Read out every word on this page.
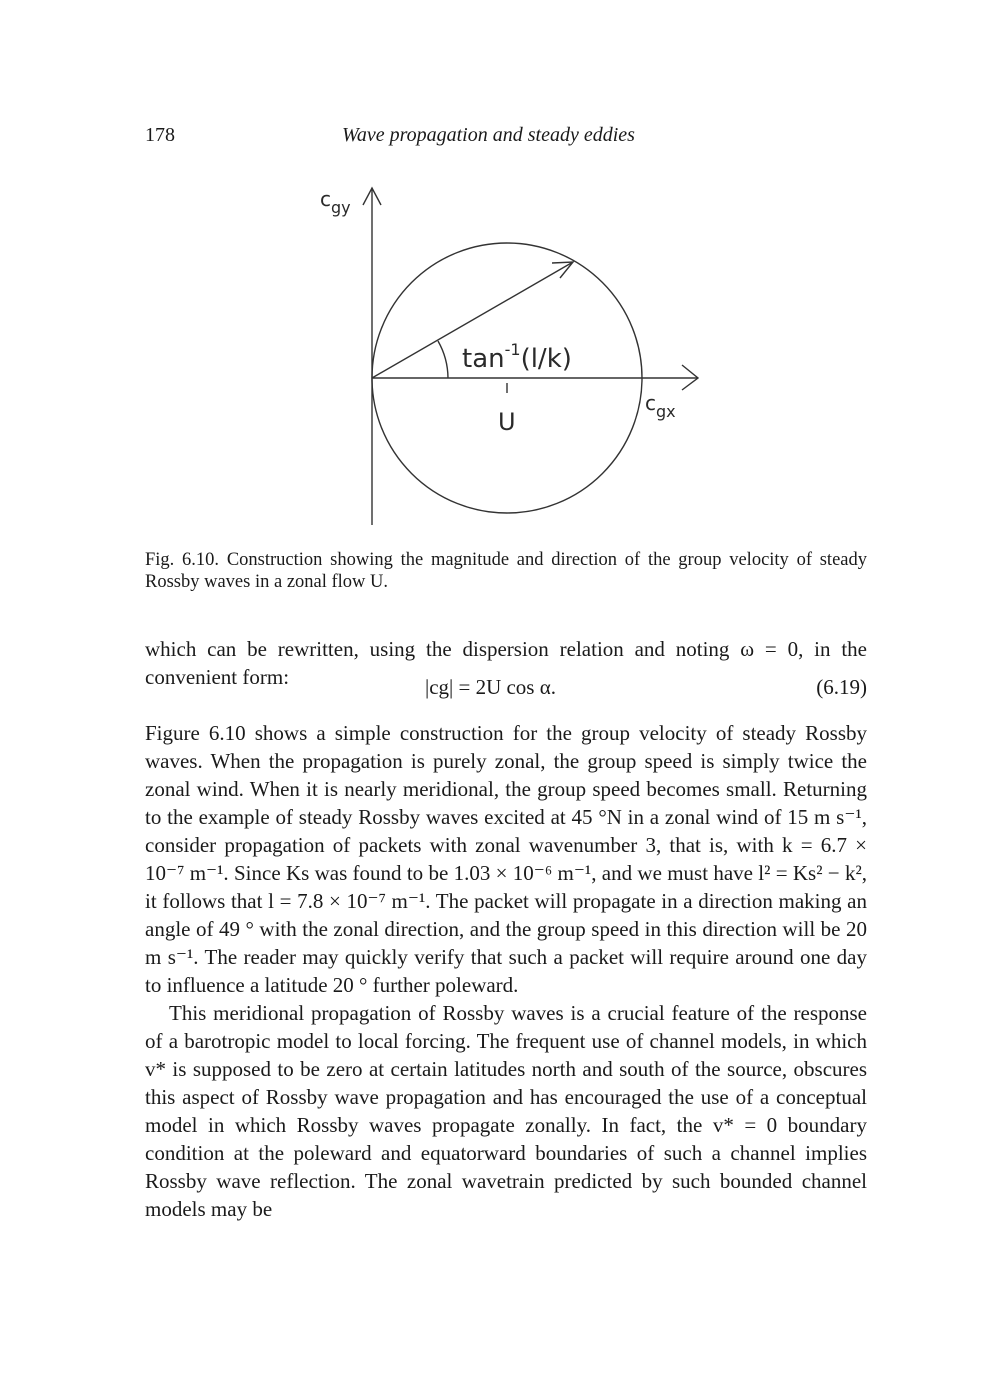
178	Wave propagation and steady eddies
$c_{gy}$
$c_{gx}$
$\tan^{-1}(l/k)$
U
Fig. 6.10. Construction showing the magnitude and direction of the group velocity of steady Rossby waves in a zonal flow U.

which can be rewritten, using the dispersion relation and noting ω = 0, in the convenient form:	|cg| = 2U cos α.	(6.19)

Figure 6.10 shows a simple construction for the group velocity of steady Rossby waves. When the propagation is purely zonal, the group speed is simply twice the zonal wind. When it is nearly meridional, the group speed becomes small. Returning to the example of steady Rossby waves excited at 45 °N in a zonal wind of 15 m s⁻¹, consider propagation of packets with zonal wavenumber 3, that is, with k = 6.7 × 10⁻⁷ m⁻¹. Since Ks was found to be 1.03 × 10⁻⁶ m⁻¹, and we must have l² = Ks² − k², it follows that l = 7.8 × 10⁻⁷ m⁻¹. The packet will propagate in a direction making an angle of 49 ° with the zonal direction, and the group speed in this direction will be 20 m s⁻¹. The reader may quickly verify that such a packet will require around one day to influence a latitude 20 ° further poleward.

This meridional propagation of Rossby waves is a crucial feature of the response of a barotropic model to local forcing. The frequent use of channel models, in which v* is supposed to be zero at certain latitudes north and south of the source, obscures this aspect of Rossby wave propagation and has encouraged the use of a conceptual model in which Rossby waves propagate zonally. In fact, the v* = 0 boundary condition at the poleward and equatorward boundaries of such a channel implies Rossby wave reflection. The zonal wavetrain predicted by such bounded channel models may be
